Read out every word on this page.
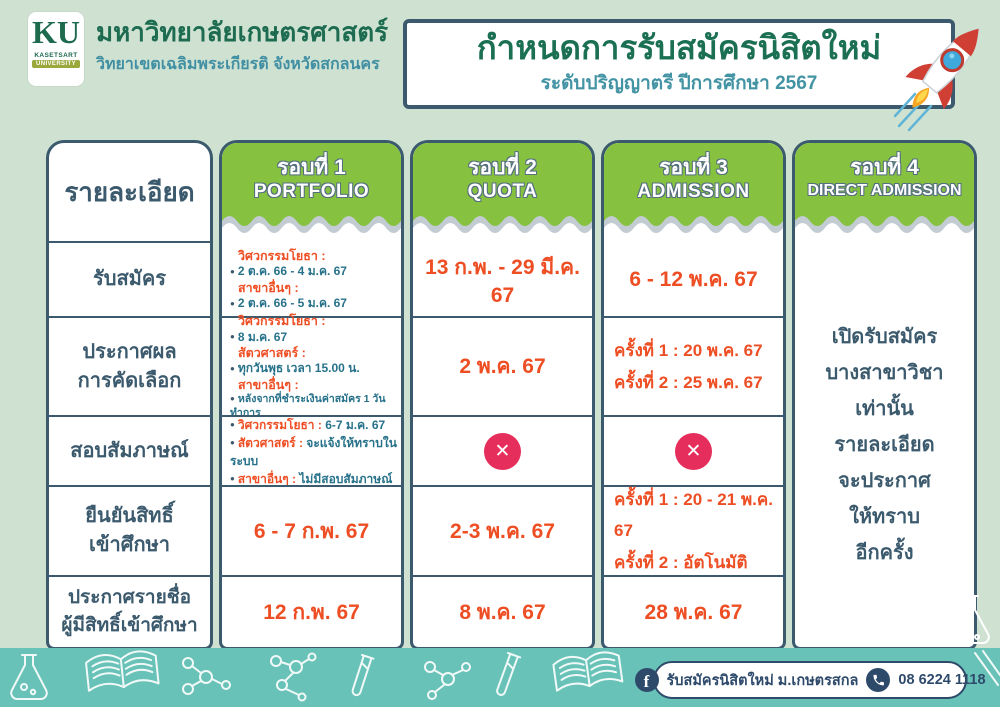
KU
KASETSART
UNIVERSITY
มหาวิทยาลัยเกษตรศาสตร์
วิทยาเขตเฉลิมพระเกียรติ จังหวัดสกลนคร	กำหนดการรับสมัครนิสิตใหม่
ระดับปริญญาตรี ปีการศึกษา 2567
รายละเอียด
รับสมัคร
ประกาศผล
การคัดเลือก
สอบสัมภาษณ์
ยืนยันสิทธิ์
เข้าศึกษา
ประกาศรายชื่อ
ผู้มีสิทธิ์เข้าศึกษา
รอบที่ 1
PORTFOLIO
วิศวกรรมโยธา :
● 2 ต.ค. 66 - 4 ม.ค. 67
สาขาอื่นๆ :
● 2 ต.ค. 66 - 5 ม.ค. 67
วิศวกรรมโยธา :
● 8 ม.ค. 67
สัตวศาสตร์ :
● ทุกวันพุธ เวลา 15.00 น.
สาขาอื่นๆ :
● หลังจากที่ชำระเงินค่าสมัคร 1 วันทำการ
● วิศวกรรมโยธา : 6-7 ม.ค. 67
● สัตวศาสตร์ : จะแจ้งให้ทราบในระบบ
● สาขาอื่นๆ : ไม่มีสอบสัมภาษณ์
6 - 7 ก.พ. 67
12 ก.พ. 67
รอบที่ 2
QUOTA
13 ก.พ. - 29 มี.ค. 67
2 พ.ค. 67
✕
2-3 พ.ค. 67
8 พ.ค. 67
รอบที่ 3
ADMISSION
6 - 12 พ.ค. 67
ครั้งที่ 1 : 20 พ.ค. 67
ครั้งที่ 2 : 25 พ.ค. 67
✕
ครั้งที่ 1 : 20 - 21 พ.ค. 67
ครั้งที่ 2 : อัตโนมัติ
28 พ.ค. 67
รอบที่ 4
DIRECT ADMISSION
เปิดรับสมัคร
บางสาขาวิชา
เท่านั้น
รายละเอียด
จะประกาศ
ให้ทราบ
อีกครั้ง
f รับสมัครนิสิตใหม่ ม.เกษตรสกล	08 6224 1118
